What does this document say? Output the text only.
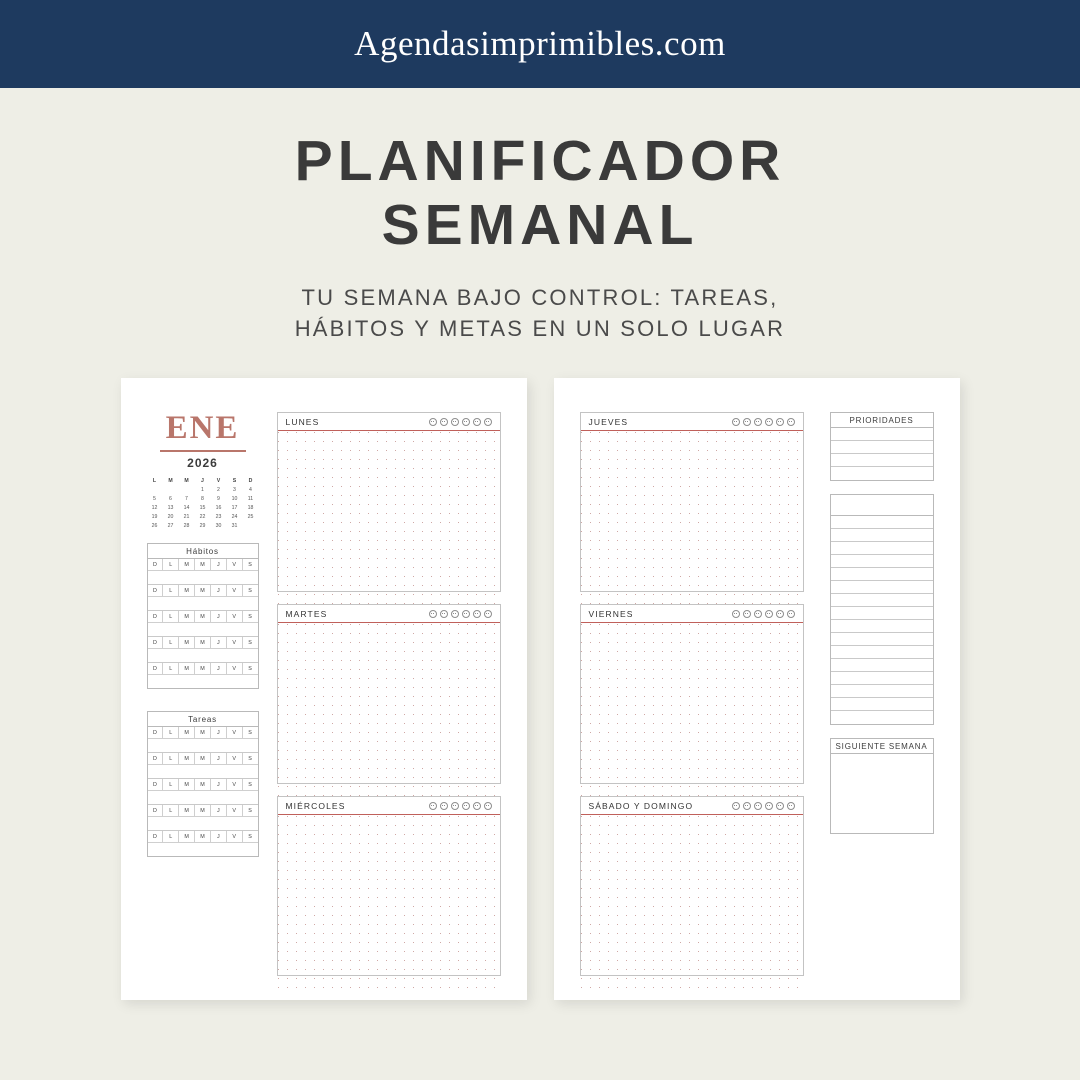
Agendasimprimibles.com
PLANIFICADOR
SEMANAL
TU SEMANA BAJO CONTROL: TAREAS,
HÁBITOS Y METAS EN UN SOLO LUGAR
ENE
2026
L	M	M	J	V	S	D
			1	2	3	4
5	6	7	8	9	10	11
12	13	14	15	16	17	18
19	20	21	22	23	24	25
26	27	28	29	30	31	
Hábitos
D	L	M	M	J	V	S
D	L	M	M	J	V	S
D	L	M	M	J	V	S
D	L	M	M	J	V	S
D	L	M	M	J	V	S
Tareas
D	L	M	M	J	V	S
D	L	M	M	J	V	S
D	L	M	M	J	V	S
D	L	M	M	J	V	S
D	L	M	M	J	V	S
LUNES
MARTES
MIÉRCOLES
JUEVES
VIERNES
SÁBADO Y DOMINGO
PRIORIDADES
SIGUIENTE SEMANA
